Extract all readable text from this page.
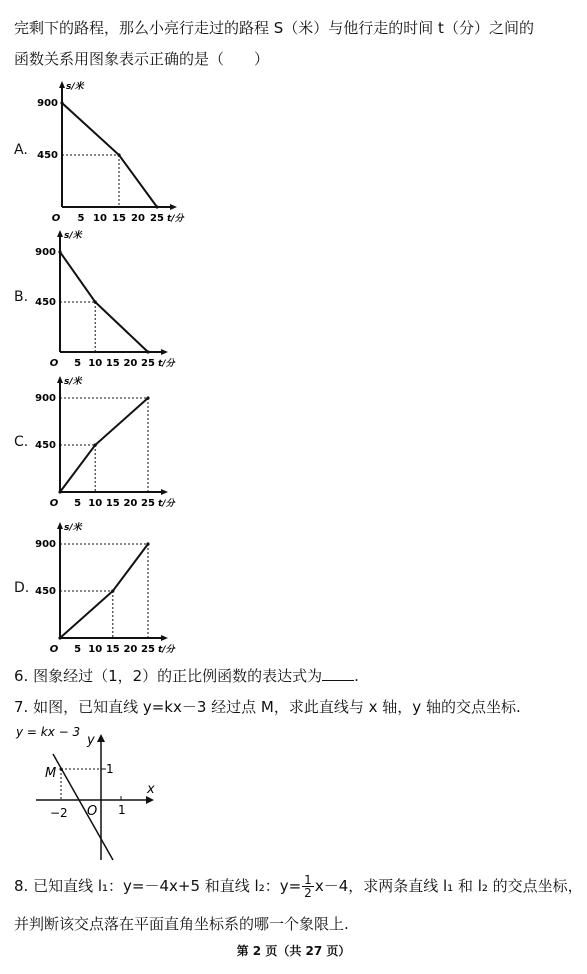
完剩下的路程，那么小亮行走过的路程 S（米）与他行走的时间 t（分）之间的
函数关系用图象表示正确的是（　　）
A.
s/米
t/分
900
450
O 5 10 15 20 25
B.
s/米
t/分
900
450
O 5 10 15 20 25
C.
s/米
t/分
900
450
O 5 10 15 20 25
D.
s/米
t/分
900
450
O 5 10 15 20 25
6. 图象经过（1，2）的正比例函数的表达式为 .
7. 如图，已知直线 y=kx－3 经过点 M，求此直线与 x 轴，y 轴的交点坐标.
y = kx − 3
x
y
M
−2 O 1
1
8. 已知直线 l₁：y=－4x+5 和直线 l₂：$y= \frac{1}{2} x-4$，求两条直线 l₁ 和 l₂ 的交点坐标，
并判断该交点落在平面直角坐标系的哪一个象限上.
第 2 页（共 27 页）
